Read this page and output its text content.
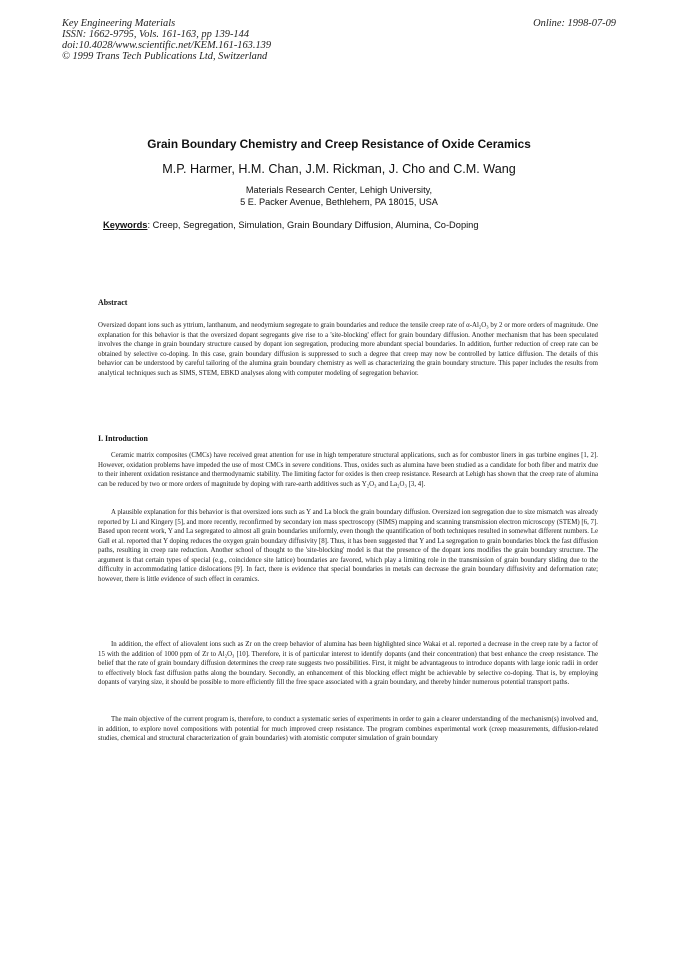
Key Engineering Materials
ISSN: 1662-9795, Vols. 161-163, pp 139-144
doi:10.4028/www.scientific.net/KEM.161-163.139
© 1999 Trans Tech Publications Ltd, Switzerland
Online: 1998-07-09
Grain Boundary Chemistry and Creep Resistance of Oxide Ceramics
M.P. Harmer, H.M. Chan, J.M. Rickman, J. Cho and C.M. Wang
Materials Research Center, Lehigh University,
5 E. Packer Avenue, Bethlehem, PA 18015, USA
Keywords: Creep, Segregation, Simulation, Grain Boundary Diffusion, Alumina, Co-Doping
Abstract

Oversized dopant ions such as yttrium, lanthanum, and neodymium segregate to grain boundaries and reduce the tensile creep rate of α-Al₂O₃ by 2 or more orders of magnitude. One explanation for this behavior is that the oversized dopant segregants give rise to a 'site-blocking' effect for grain boundary diffusion. Another mechanism that has been speculated involves the change in grain boundary structure caused by dopant ion segregation, producing more abundant special boundaries. In addition, further reduction of creep rate can be obtained by selective co-doping. In this case, grain boundary diffusion is suppressed to such a degree that creep may now be controlled by lattice diffusion. The details of this behavior can be understood by careful tailoring of the alumina grain boundary chemistry as well as characterizing the grain boundary structure. This paper includes the results from analytical techniques such as SIMS, STEM, EBKD analyses along with computer modeling of segregation behavior.

I. Introduction

Ceramic matrix composites (CMCs) have received great attention for use in high temperature structural applications, such as for combustor liners in gas turbine engines [1, 2]. However, oxidation problems have impeded the use of most CMCs in severe conditions. Thus, oxides such as alumina have been studied as a candidate for both fiber and matrix due to their inherent oxidation resistance and thermodynamic stability. The limiting factor for oxides is then creep resistance. Research at Lehigh has shown that the creep rate of alumina can be reduced by two or more orders of magnitude by doping with rare-earth additives such as Y₂O₃ and La₂O₃ [3, 4].

A plausible explanation for this behavior is that oversized ions such as Y and La block the grain boundary diffusion. Oversized ion segregation due to size mismatch was already reported by Li and Kingery [5], and more recently, reconfirmed by secondary ion mass spectroscopy (SIMS) mapping and scanning transmission electron microscopy (STEM) [6, 7]. Based upon recent work, Y and La segregated to almost all grain boundaries uniformly, even though the quantification of both techniques resulted in somewhat different numbers. Le Gall et al. reported that Y doping reduces the oxygen grain boundary diffusivity [8]. Thus, it has been suggested that Y and La segregation to grain boundaries block the fast diffusion paths, resulting in creep rate reduction. Another school of thought to the 'site-blocking' model is that the presence of the dopant ions modifies the grain boundary structure. The argument is that certain types of special (e.g., coincidence site lattice) boundaries are favored, which play a limiting role in the transmission of grain boundary sliding due to the difficulty in accommodating lattice dislocations [9]. In fact, there is evidence that special boundaries in metals can decrease the grain boundary diffusivity and deformation rate; however, there is little evidence of such effect in ceramics.

In addition, the effect of aliovalent ions such as Zr on the creep behavior of alumina has been highlighted since Wakai et al. reported a decrease in the creep rate by a factor of 15 with the addition of 1000 ppm of Zr to Al₂O₃ [10]. Therefore, it is of particular interest to identify dopants (and their concentration) that best enhance the creep resistance. The belief that the rate of grain boundary diffusion determines the creep rate suggests two possibilities. First, it might be advantageous to introduce dopants with large ionic radii in order to effectively block fast diffusion paths along the boundary. Secondly, an enhancement of this blocking effect might be achievable by selective co-doping. That is, by employing dopants of varying size, it should be possible to more efficiently fill the free space associated with a grain boundary, and thereby hinder numerous potential transport paths.

The main objective of the current program is, therefore, to conduct a systematic series of experiments in order to gain a clearer understanding of the mechanism(s) involved and, in addition, to explore novel compositions with potential for much improved creep resistance. The program combines experimental work (creep measurements, diffusion-related studies, chemical and structural characterization of grain boundaries) with atomistic computer simulation of grain boundary
